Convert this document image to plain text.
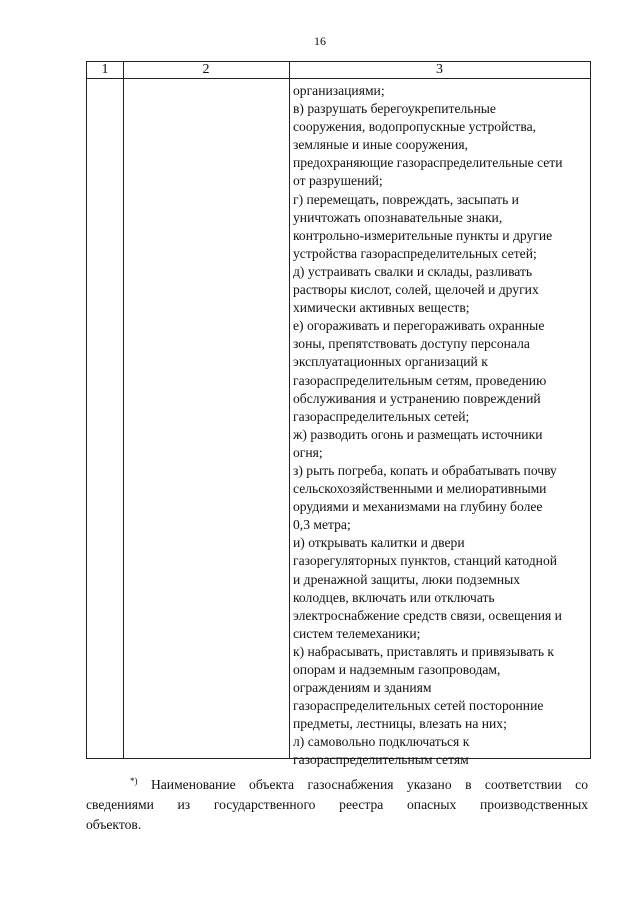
16
1	2	3
организациями;
в) разрушать берегоукрепительные
сооружения, водопропускные устройства,
земляные и иные сооружения,
предохраняющие газораспределительные сети
от разрушений;
г) перемещать, повреждать, засыпать и
уничтожать опознавательные знаки,
контрольно-измерительные пункты и другие
устройства газораспределительных сетей;
д) устраивать свалки и склады, разливать
растворы кислот, солей, щелочей и других
химически активных веществ;
е) огораживать и перегораживать охранные
зоны, препятствовать доступу персонала
эксплуатационных организаций к
газораспределительным сетям, проведению
обслуживания и устранению повреждений
газораспределительных сетей;
ж) разводить огонь и размещать источники
огня;
з) рыть погреба, копать и обрабатывать почву
сельскохозяйственными и мелиоративными
орудиями и механизмами на глубину более
0,3 метра;
и) открывать калитки и двери
газорегуляторных пунктов, станций катодной
и дренажной защиты, люки подземных
колодцев, включать или отключать
электроснабжение средств связи, освещения и
систем телемеханики;
к) набрасывать, приставлять и привязывать к
опорам и надземным газопроводам,
ограждениям и зданиям
газораспределительных сетей посторонние
предметы, лестницы, влезать на них;
л) самовольно подключаться к
газораспределительным сетям
*) Наименование объекта газоснабжения указано в соответствии со
сведениями из государственного реестра опасных производственных
объектов.
